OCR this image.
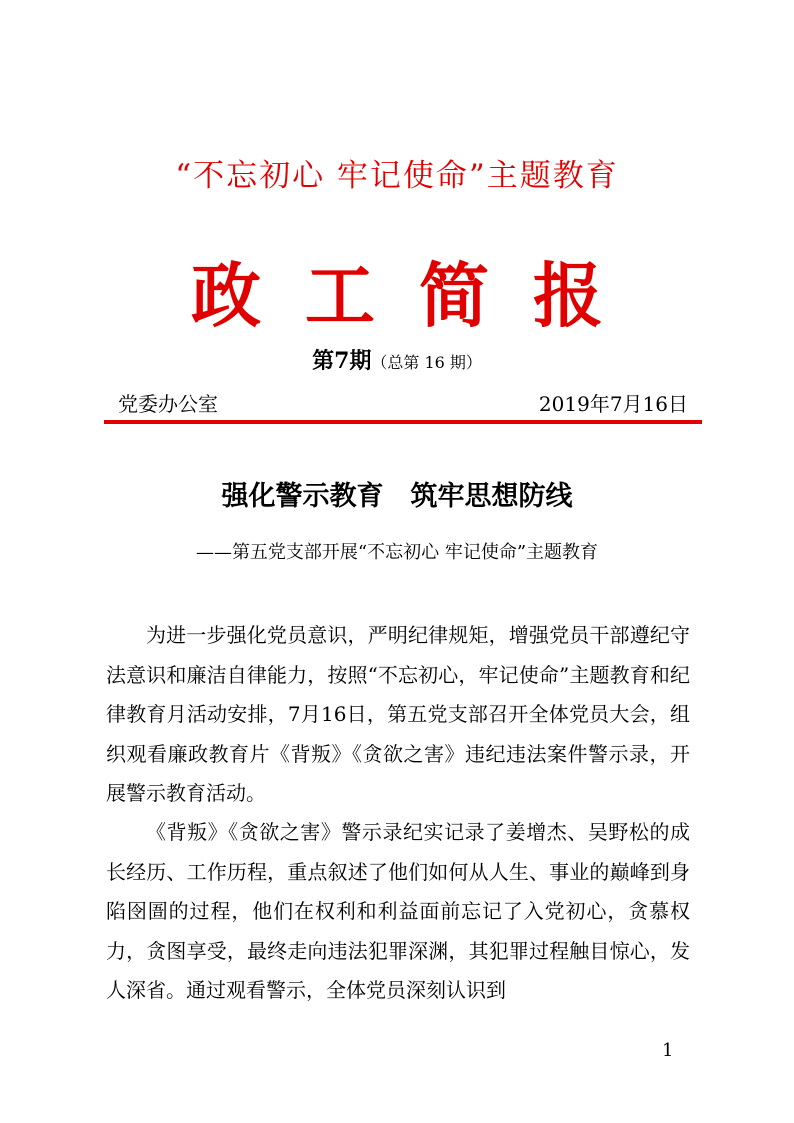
“不忘初心 牢记使命”主题教育
政工简报
第7期（总第 16 期）
党委办公室	2019年7月16日
强化警示教育　筑牢思想防线
——第五党支部开展“不忘初心 牢记使命”主题教育

为进一步强化党员意识，严明纪律规矩，增强党员干部遵纪守法意识和廉洁自律能力，按照“不忘初心，牢记使命”主题教育和纪律教育月活动安排，7月16日，第五党支部召开全体党员大会，组织观看廉政教育片《背叛》《贪欲之害》违纪违法案件警示录，开展警示教育活动。

《背叛》《贪欲之害》警示录纪实记录了姜增杰、吴野松的成长经历、工作历程，重点叙述了他们如何从人生、事业的巅峰到身陷囹圄的过程，他们在权利和利益面前忘记了入党初心，贪慕权力，贪图享受，最终走向违法犯罪深渊，其犯罪过程触目惊心，发人深省。通过观看警示，全体党员深刻认识到

1
